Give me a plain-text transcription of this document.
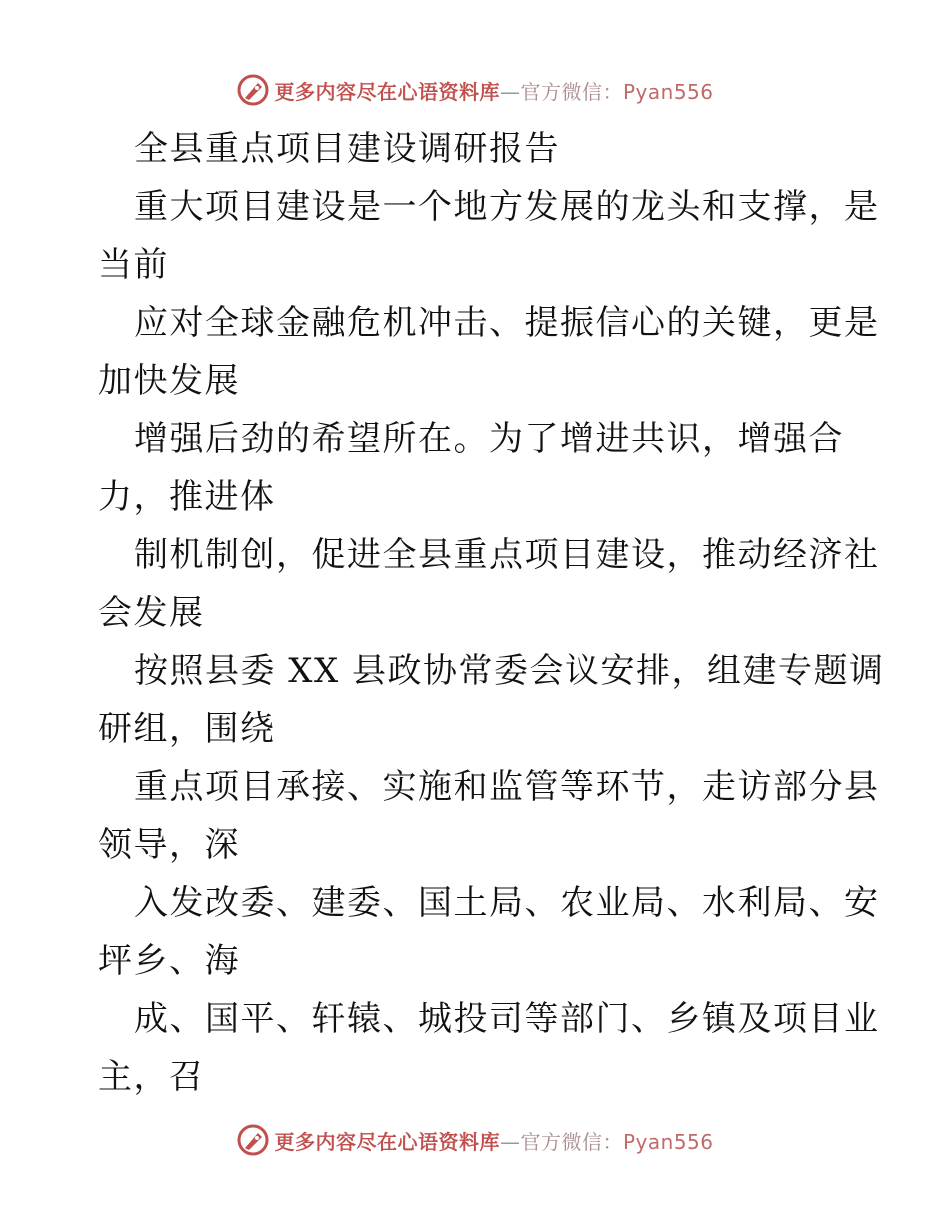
更多内容尽在心语资料库—官方微信：Pyan556
全县重点项目建设调研报告
重大项目建设是一个地方发展的龙头和支撑，是
当前
应对全球金融危机冲击、提振信心的关键，更是
加快发展
增强后劲的希望所在。为了增进共识，增强合
力，推进体
制机制创，促进全县重点项目建设，推动经济社
会发展
按照县委 XX 县政协常委会议安排，组建专题调
研组，围绕
重点项目承接、实施和监管等环节，走访部分县
领导，深
入发改委、建委、国土局、农业局、水利局、安
坪乡、海
成、国平、轩辕、城投司等部门、乡镇及项目业
主，召
更多内容尽在心语资料库—官方微信：Pyan556
